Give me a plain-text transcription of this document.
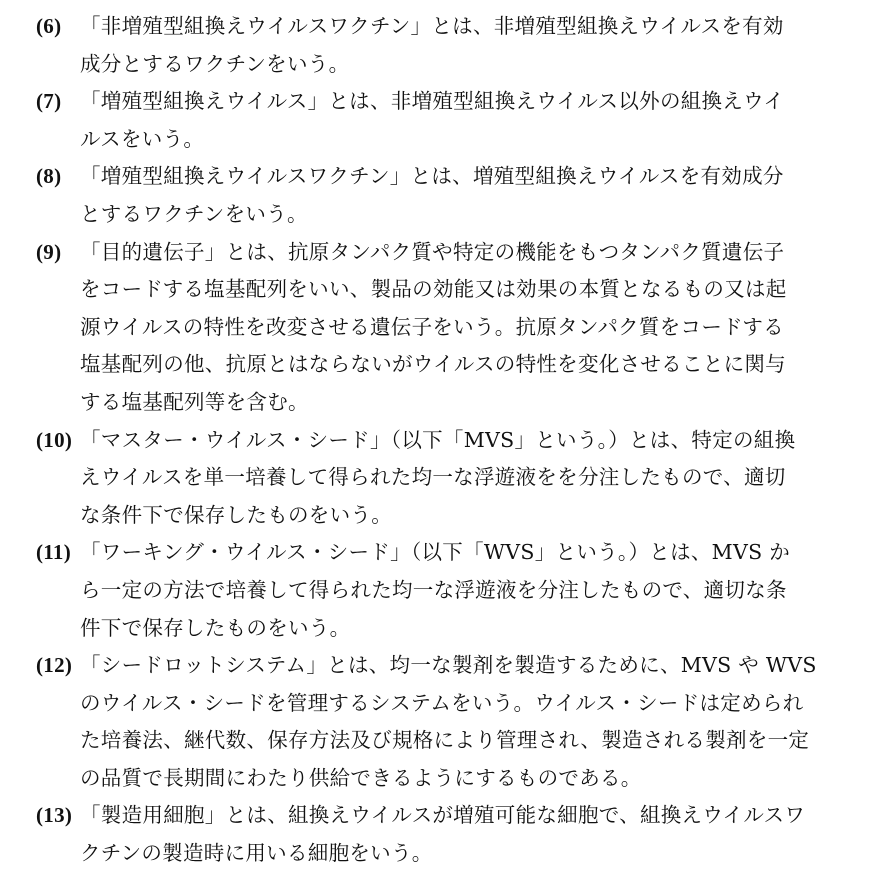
(6) 「非増殖型組換えウイルスワクチン」とは、非増殖型組換えウイルスを有効
成分とするワクチンをいう。
(7) 「増殖型組換えウイルス」とは、非増殖型組換えウイルス以外の組換えウイ
ルスをいう。
(8) 「増殖型組換えウイルスワクチン」とは、増殖型組換えウイルスを有効成分
とするワクチンをいう。
(9) 「目的遺伝子」とは、抗原タンパク質や特定の機能をもつタンパク質遺伝子
をコードする塩基配列をいい、製品の効能又は効果の本質となるもの又は起
源ウイルスの特性を改変させる遺伝子をいう。抗原タンパク質をコードする
塩基配列の他、抗原とはならないがウイルスの特性を変化させることに関与
する塩基配列等を含む。
(10) 「マスター・ウイルス・シード」（以下「MVS」という。）とは、特定の組換
えウイルスを単一培養して得られた均一な浮遊液をを分注したもので、適切
な条件下で保存したものをいう。
(11) 「ワーキング・ウイルス・シード」（以下「WVS」という。）とは、MVS か
ら一定の方法で培養して得られた均一な浮遊液を分注したもので、適切な条
件下で保存したものをいう。
(12) 「シードロットシステム」とは、均一な製剤を製造するために、MVS や WVS
のウイルス・シードを管理するシステムをいう。ウイルス・シードは定められ
た培養法、継代数、保存方法及び規格により管理され、製造される製剤を一定
の品質で長期間にわたり供給できるようにするものである。
(13) 「製造用細胞」とは、組換えウイルスが増殖可能な細胞で、組換えウイルスワ
クチンの製造時に用いる細胞をいう。
